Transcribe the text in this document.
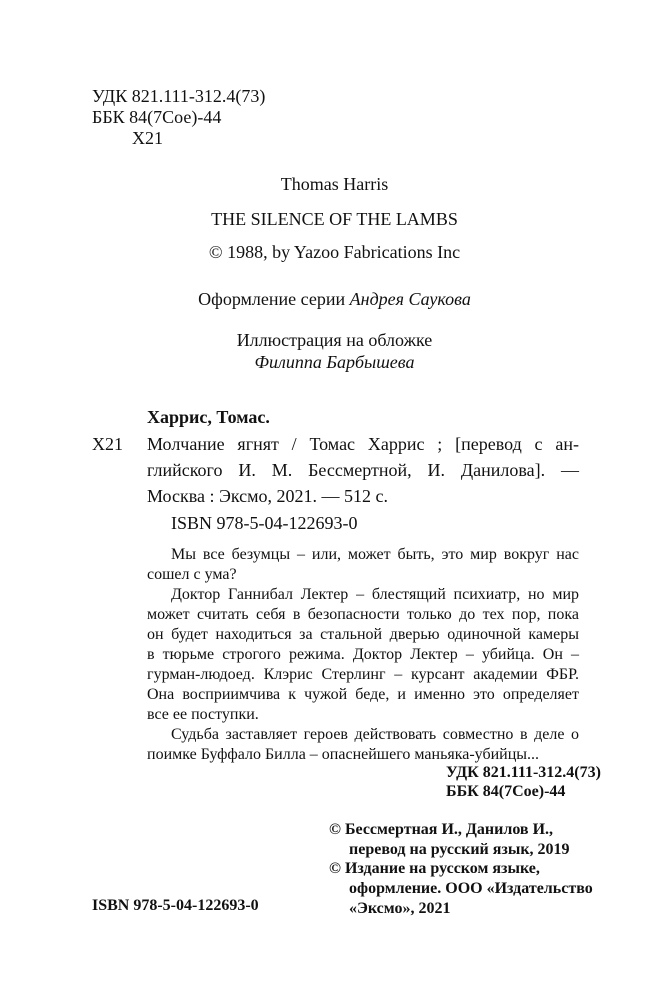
УДК 821.111-312.4(73)
ББК 84(7Сое)-44
Х21
Thomas Harris
THE SILENCE OF THE LAMBS
© 1988, by Yazoo Fabrications Inc
Оформление серии Андрея Саукова
Иллюстрация на обложке
Филиппа Барбышева
Харрис, Томас.
Х21 Молчание ягнят / Томас Харрис ; [перевод с ан-
глийского И. М. Бессмертной, И. Данилова]. —
Москва : Эксмо, 2021. — 512 с.
ISBN 978-5-04-122693-0
Мы все безумцы – или, может быть, это мир вокруг нас
сошел с ума?
Доктор Ганнибал Лектер – блестящий психиатр, но мир
может считать себя в безопасности только до тех пор, пока
он будет находиться за стальной дверью одиночной камеры
в тюрьме строгого режима. Доктор Лектер – убийца. Он –
гурман-людоед. Клэрис Стерлинг – курсант академии ФБР.
Она восприимчива к чужой беде, и именно это определяет
все ее поступки.
Судьба заставляет героев действовать совместно в деле о
поимке Буффало Билла – опаснейшего маньяка-убийцы...
УДК 821.111-312.4(73)
ББК 84(7Сое)-44
© Бессмертная И., Данилов И.,
перевод на русский язык, 2019
© Издание на русском языке,
оформление. ООО «Издательство
«Эксмо», 2021
ISBN 978-5-04-122693-0
